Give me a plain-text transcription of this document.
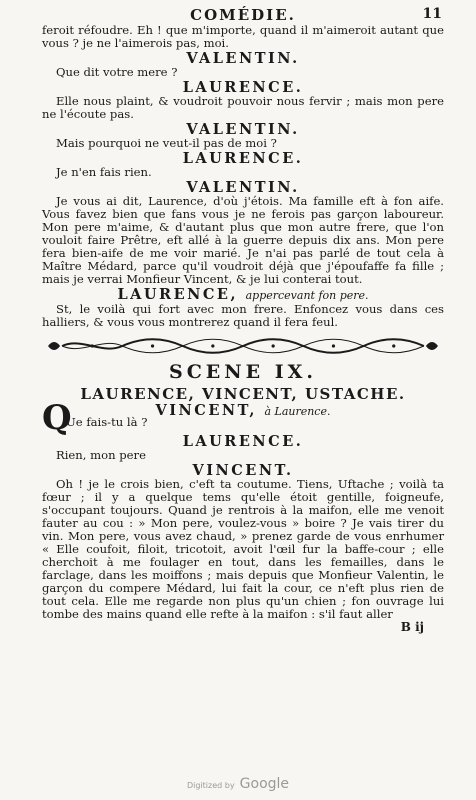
COMÉDIE.	11

feroit réfoudre. Eh ! que m'importe, quand il m'aimeroit autant que vous ? je ne l'aimerois pas, moi.

VALENTIN.

Que dit votre mere ?

LAURENCE.

Elle nous plaint, & voudroit pouvoir nous fervir ; mais mon pere ne l'écoute pas.

VALENTIN.

Mais pourquoi ne veut-il pas de moi ?

LAURENCE.

Je n'en fais rien.

VALENTIN.

Je vous ai dit, Laurence, d'où j'étois. Ma famille eft à fon aife. Vous favez bien que fans vous je ne ferois pas garçon laboureur. Mon pere m'aime, & d'autant plus que mon autre frere, que l'on vouloit faire Prêtre, eft allé à la guerre depuis dix ans. Mon pere fera bien-aife de me voir marié. Je n'ai pas parlé de tout cela à Maître Médard, parce qu'il voudroit déjà que j'époufaffe fa fille ; mais je verrai Monfieur Vincent, & je lui conterai tout.

LAURENCE, appercevant fon pere.

St, le voilà qui fort avec mon frere. Enfoncez vous dans ces halliers, & vous vous montrerez quand il fera feul.

SCENE IX.
LAURENCE, VINCENT, USTACHE.
VINCENT, à Laurence.
Q
Ue fais-tu là ?
LAURENCE.

Rien, mon pere

VINCENT.

Oh ! je le crois bien, c'eft ta coutume. Tiens, Uftache ; voilà ta fœur ; il y a quelque tems qu'elle étoit gentille, foigneufe, s'occupant toujours. Quand je rentrois à la maifon, elle me venoit fauter au cou : » Mon pere, voulez-vous » boire ? Je vais tirer du vin. Mon pere, vous avez chaud, » prenez garde de vous enrhumer « Elle coufoit, filoit, tricotoit, avoit l'œil fur la baffe-cour ; elle cherchoit à me foulager en tout, dans les femailles, dans le farclage, dans les moiffons ; mais depuis que Monfieur Valentin, le garçon du compere Médard, lui fait la cour, ce n'eft plus rien de tout cela. Elle me regarde non plus qu'un chien ; fon ouvrage lui tombe des mains quand elle refte à la maifon : s'il faut aller

B ij
Digitized by Google
